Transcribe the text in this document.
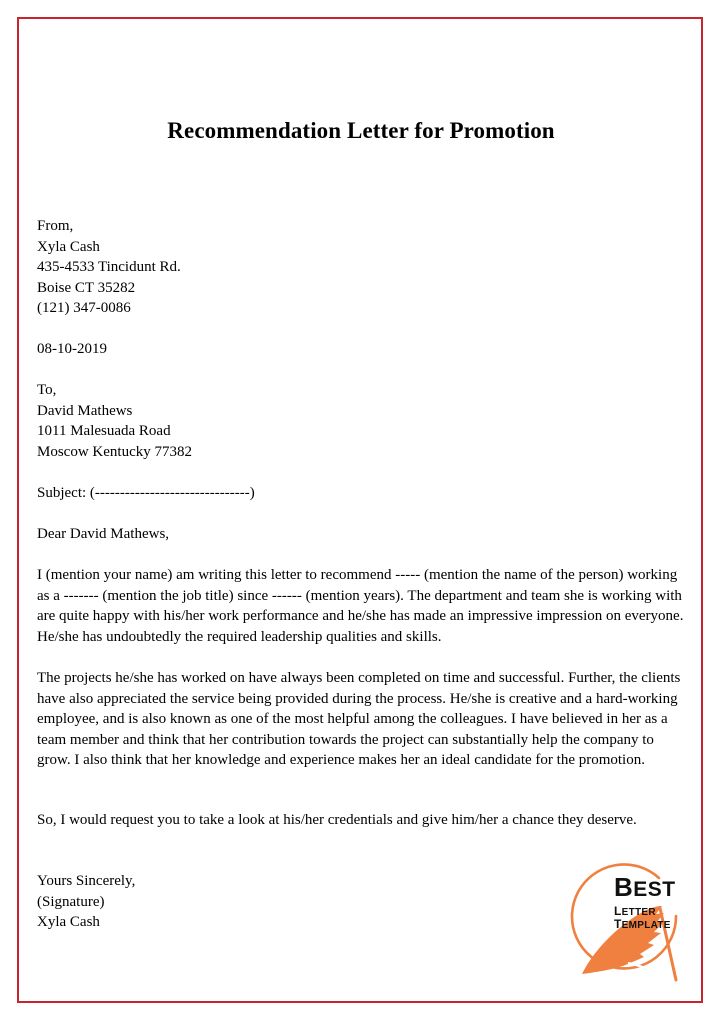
Recommendation Letter for Promotion
From,
Xyla Cash
435-4533 Tincidunt Rd.
Boise CT 35282
(121) 347-0086
08-10-2019
To,
David Mathews
1011 Malesuada Road
Moscow Kentucky 77382
Subject: (-------------------------------)
Dear David Mathews,

I (mention your name) am writing this letter to recommend ----- (mention the name of the person) working as a ------- (mention the job title) since ------ (mention years). The department and team she is working with are quite happy with his/her work performance and he/she has made an impressive impression on everyone. He/she has undoubtedly the required leadership qualities and skills.

The projects he/she has worked on have always been completed on time and successful. Further, the clients have also appreciated the service being provided during the process. He/she is creative and a hard-working employee, and is also known as one of the most helpful among the colleagues. I have believed in her as a team member and think that her contribution towards the project can substantially help the company to grow. I also think that her knowledge and experience makes her an ideal candidate for the promotion.

So, I would request you to take a look at his/her credentials and give him/her a chance they deserve.

Yours Sincerely,
(Signature)
Xyla Cash
BEST
LETTER TEMPLATE
